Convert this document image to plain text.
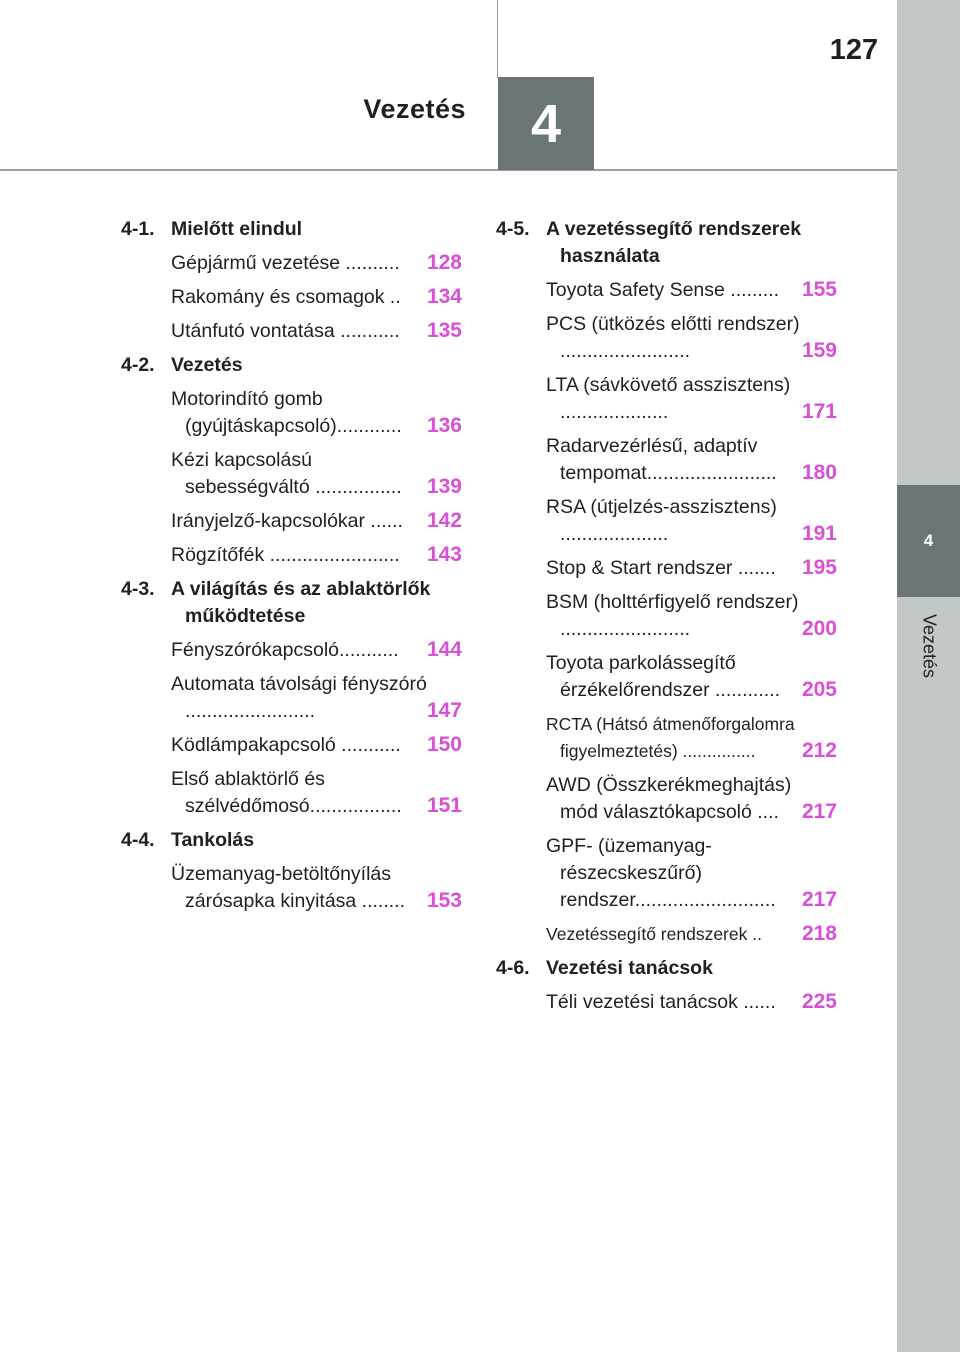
Vezetés 4
127
4
Vezetés
4-1. Mielőtt elindul
Gépjármű vezetése ..........	128
Rakomány és csomagok ..	134
Utánfutó vontatása ...........	135
4-2. Vezetés
Motorindító gomb (gyújtáskapcsoló)............	136
Kézi kapcsolású sebességváltó ................	139
Irányjelző-kapcsolókar ......	142
Rögzítőfék ........................	143
4-3. A világítás és az ablaktörlők működtetése
Fényszórókapcsoló...........	144
Automata távolsági fényszóró ........................	147
Ködlámpakapcsoló ...........	150
Első ablaktörlő és szélvédőmosó.................	151
4-4. Tankolás
Üzemanyag-betöltőnyílás zárósapka kinyitása ........	153
4-5. A vezetéssegítő rendszerek használata
Toyota Safety Sense .........	155
PCS (ütközés előtti rendszer) ........................	159
LTA (sávkövető asszisztens) ....................	171
Radarvezérlésű, adaptív tempomat........................	180
RSA (útjelzés-asszisztens) ....................	191
Stop & Start rendszer .......	195
BSM (holttérfigyelő rendszer) ........................	200
Toyota parkolássegítő érzékelőrendszer ............	205
RCTA (Hátsó átmenőforgalomra figyelmeztetés) ...............	212
AWD (Összkerékmeghajtás) mód választókapcsoló ....	217
GPF- (üzemanyag-részecskeszűrő) rendszer..........................	217
Vezetéssegítő rendszerek ..	218
4-6. Vezetési tanácsok
Téli vezetési tanácsok ......	225
